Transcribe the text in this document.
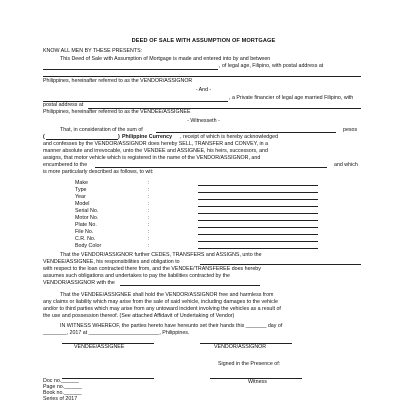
DEED OF SALE WITH ASSUMPTION OF MORTGAGE
KNOW ALL MEN BY THESE PRESENTS:
This Deed of Sale with Assumption of Mortgage is made and entered into by and between
, of legal age, Filipino, with postal address at
Philippines, hereinafter referred to as the VENDOR/ASSIGNOR
- And -
, a Private financier of legal age married Filipino, with
postal address at
Philippines, hereinafter referred to as the VENDEE/ASSIGNEE
- Witnesseth -
That, in consideration of the sum of	pesos
(	) Philippine Currency , receipt of which is hereby acknowledged
and confesses by the VENDOR/ASSIGNOR does hereby SELL, TRANSFER and CONVEY, in a
manner absolute and irrevocable, unto the VENDEE and ASSIGNEE, his heirs, successors, and
assigns, that motor vehicle which is registered in the name of the VENDOR/ASSIGNOR, and
encumbered to the	and which
is more particularly described as follows, to wit:
Make	:
Type	:
Year	:
Model	:
Serial No.	:
Motor No.	:
Plate No.	:
File No.	:
C.R. No.	:
Body Color	:
That the VENDOR/ASSIGNOR further CEDES, TRANSFERS and ASSIGNS, unto the
VENDEE/ASSIGNEE, his responsibilities and obligation to
with respect to the loan contracted there from, and the VENDEE/TRANSFEREE does hereby
assumes such obligations and undertakes to pay the liabilities contracted by the
VENDOR/ASSIGNOR with the
That the VENDEE/ASSIGNEE shall hold the VENDOR/ASSIGNOR free and harmless from
any claims or liability which may arise from the sale of said vehicle, including damages to the vehicle
and/or to third parties which may arise from any untoward incident involving the vehicles as a result of
the use and possession thereof. (See attached Affidavit of Undertaking of Vendor)
IN WITNESS WHEREOF, the parties hereto have hereunto set their hands this _______ day of
________, 2017 at ________________________, Philippines.
VENDEE/ASSIGNEE	VENDOR/ASSIGNOR
Signed in the Presence of:
Witness
Doc no.______
Page no.______
Book no.______
Series of 2017
